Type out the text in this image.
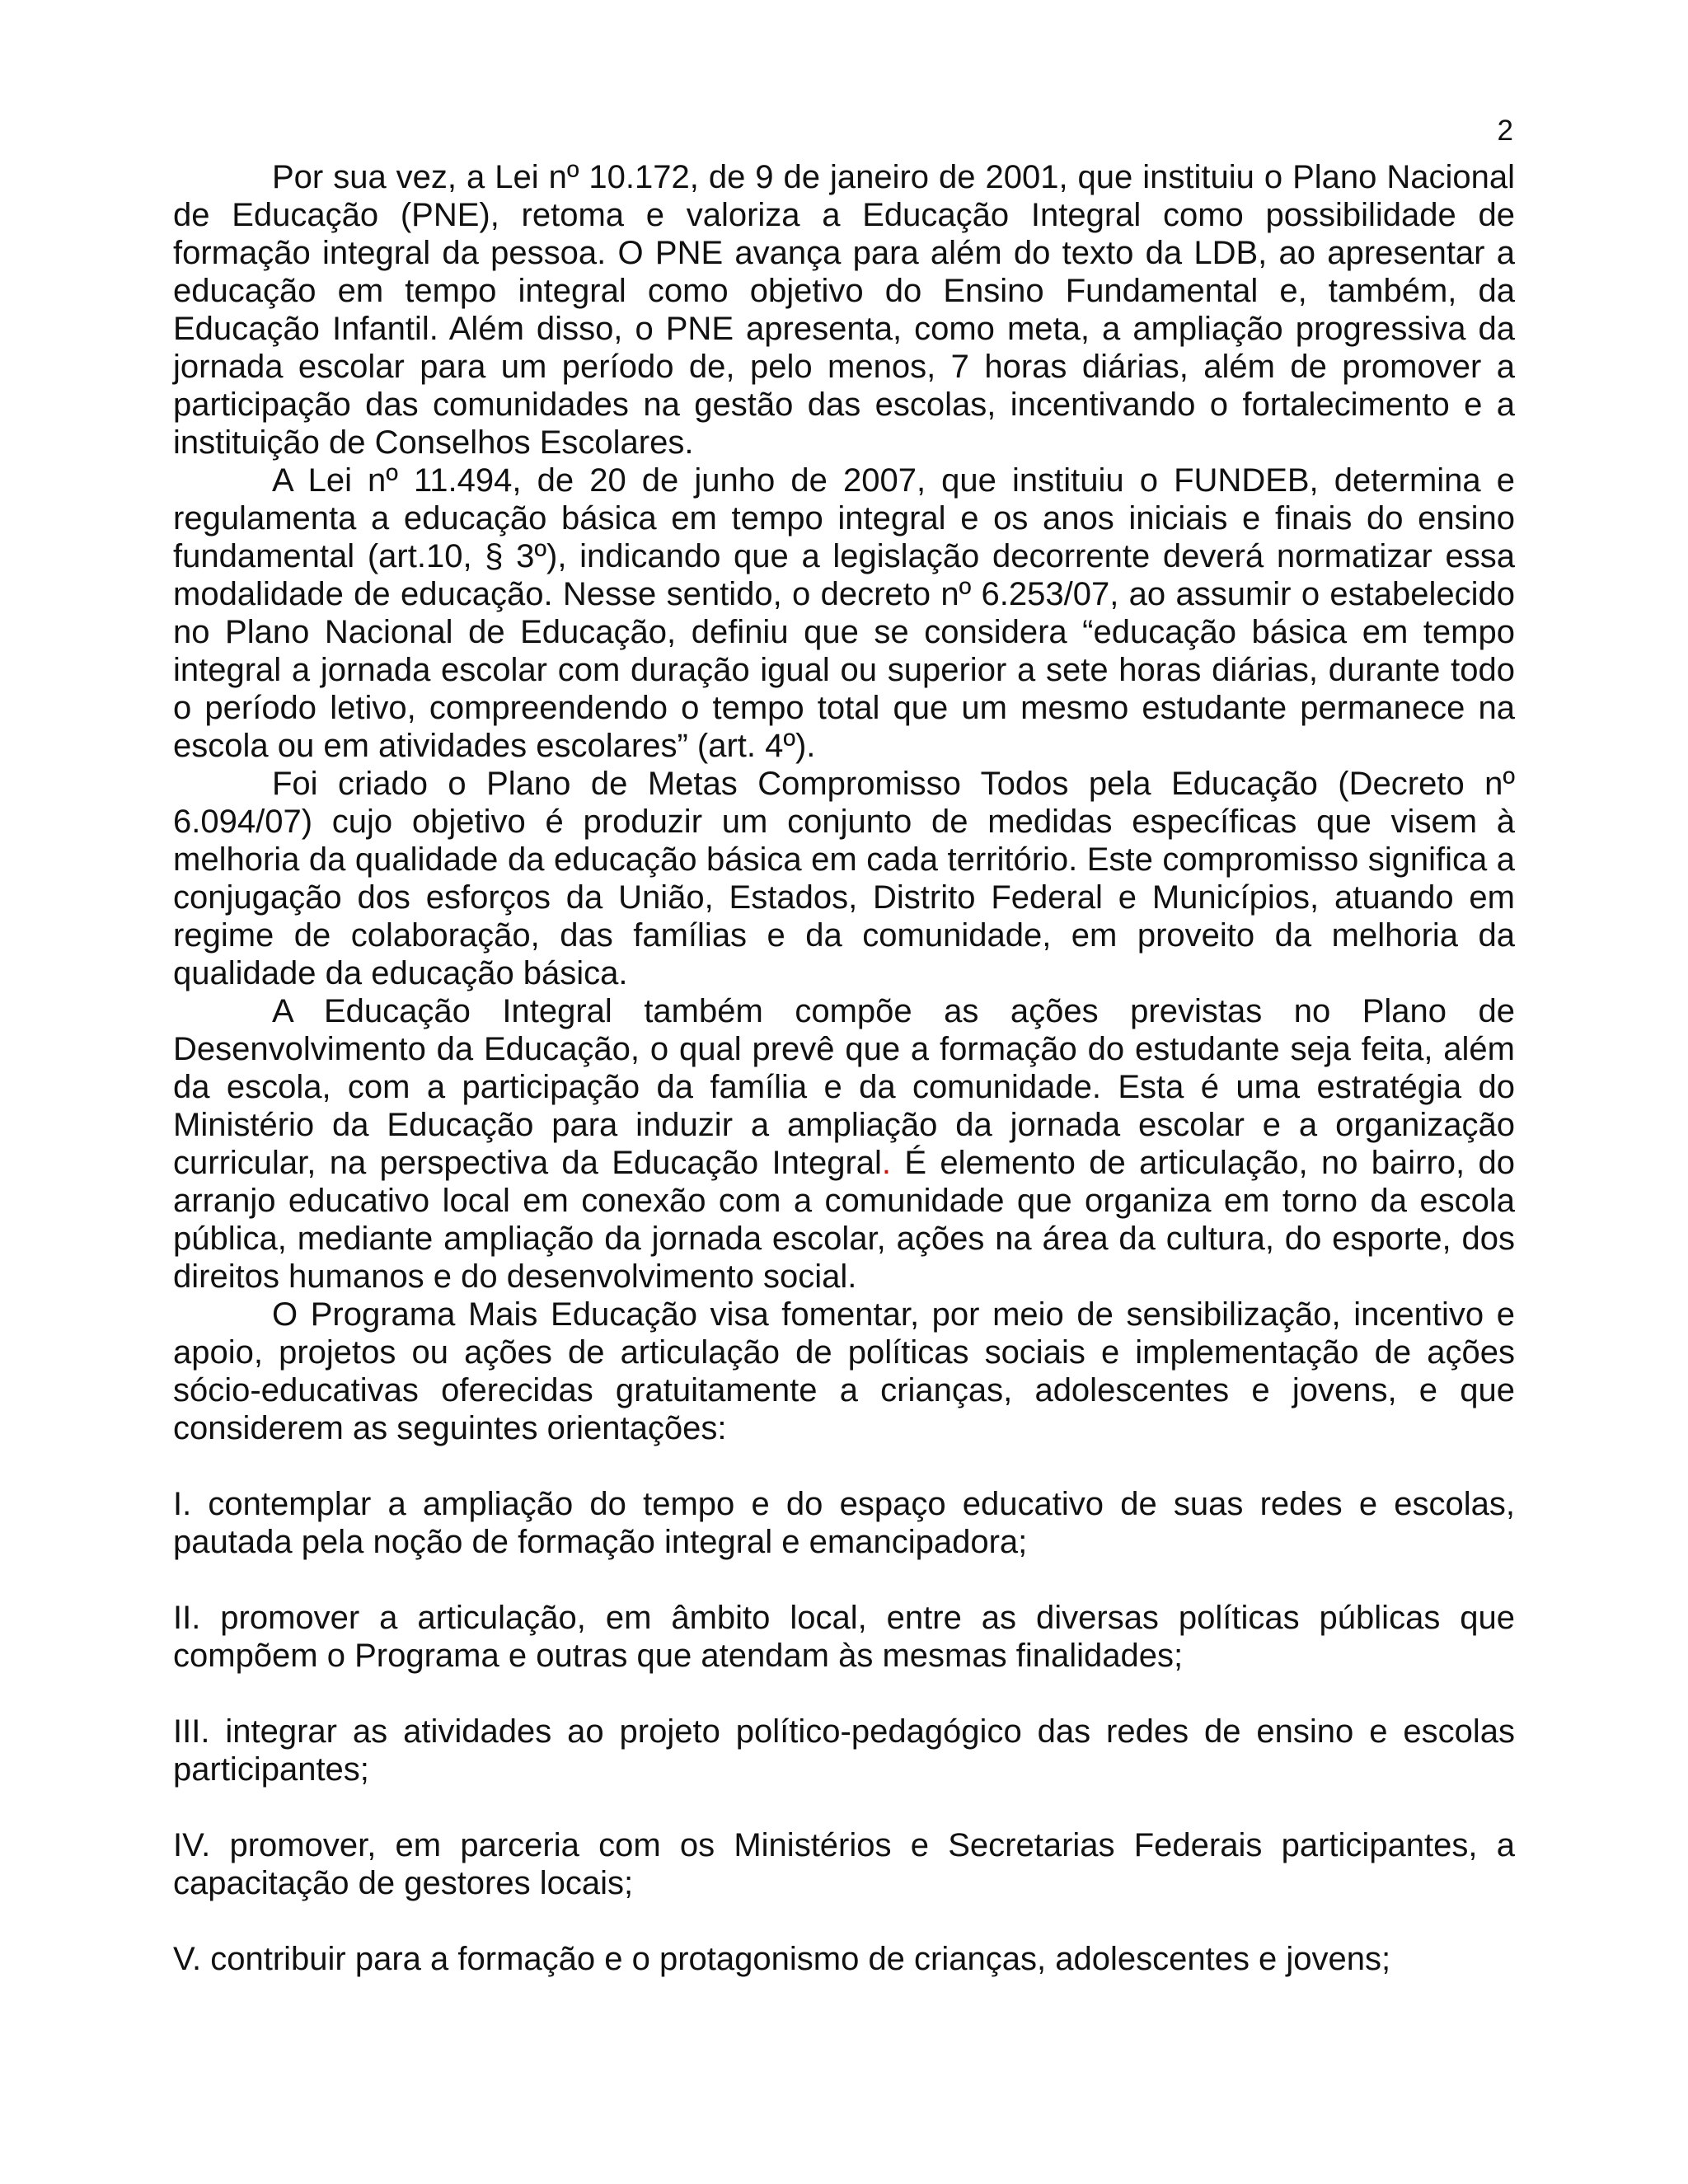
2

Por sua vez, a Lei nº 10.172, de 9 de janeiro de 2001, que instituiu o Plano Nacional de Educação (PNE), retoma e valoriza a Educação Integral como possibilidade de formação integral da pessoa. O PNE avança para além do texto da LDB, ao apresentar a educação em tempo integral como objetivo do Ensino Fundamental e, também, da Educação Infantil. Além disso, o PNE apresenta, como meta, a ampliação progressiva da jornada escolar para um período de, pelo menos, 7 horas diárias, além de promover a participação das comunidades na gestão das escolas, incentivando o fortalecimento e a instituição de Conselhos Escolares.

A Lei nº 11.494, de 20 de junho de 2007, que instituiu o FUNDEB, determina e regulamenta a educação básica em tempo integral e os anos iniciais e finais do ensino fundamental (art.10, § 3º), indicando que a legislação decorrente deverá normatizar essa modalidade de educação. Nesse sentido, o decreto nº 6.253/07, ao assumir o estabelecido no Plano Nacional de Educação, definiu que se considera “educação básica em tempo integral a jornada escolar com duração igual ou superior a sete horas diárias, durante todo o período letivo, compreendendo o tempo total que um mesmo estudante permanece na escola ou em atividades escolares” (art. 4º).

Foi criado o Plano de Metas Compromisso Todos pela Educação (Decreto nº 6.094/07) cujo objetivo é produzir um conjunto de medidas específicas que visem à melhoria da qualidade da educação básica em cada território. Este compromisso significa a conjugação dos esforços da União, Estados, Distrito Federal e Municípios, atuando em regime de colaboração, das famílias e da comunidade, em proveito da melhoria da qualidade da educação básica.

A Educação Integral também compõe as ações previstas no Plano de Desenvolvimento da Educação, o qual prevê que a formação do estudante seja feita, além da escola, com a participação da família e da comunidade. Esta é uma estratégia do Ministério da Educação para induzir a ampliação da jornada escolar e a organização curricular, na perspectiva da Educação Integral. É elemento de articulação, no bairro, do arranjo educativo local em conexão com a comunidade que organiza em torno da escola pública, mediante ampliação da jornada escolar, ações na área da cultura, do esporte, dos direitos humanos e do desenvolvimento social.

O Programa Mais Educação visa fomentar, por meio de sensibilização, incentivo e apoio, projetos ou ações de articulação de políticas sociais e implementação de ações sócio-educativas oferecidas gratuitamente a crianças, adolescentes e jovens, e que considerem as seguintes orientações:

I. contemplar a ampliação do tempo e do espaço educativo de suas redes e escolas, pautada pela noção de formação integral e emancipadora;

II. promover a articulação, em âmbito local, entre as diversas políticas públicas que compõem o Programa e outras que atendam às mesmas finalidades;

III. integrar as atividades ao projeto político-pedagógico das redes de ensino e escolas participantes;

IV. promover, em parceria com os Ministérios e Secretarias Federais participantes, a capacitação de gestores locais;

V. contribuir para a formação e o protagonismo de crianças, adolescentes e jovens;
